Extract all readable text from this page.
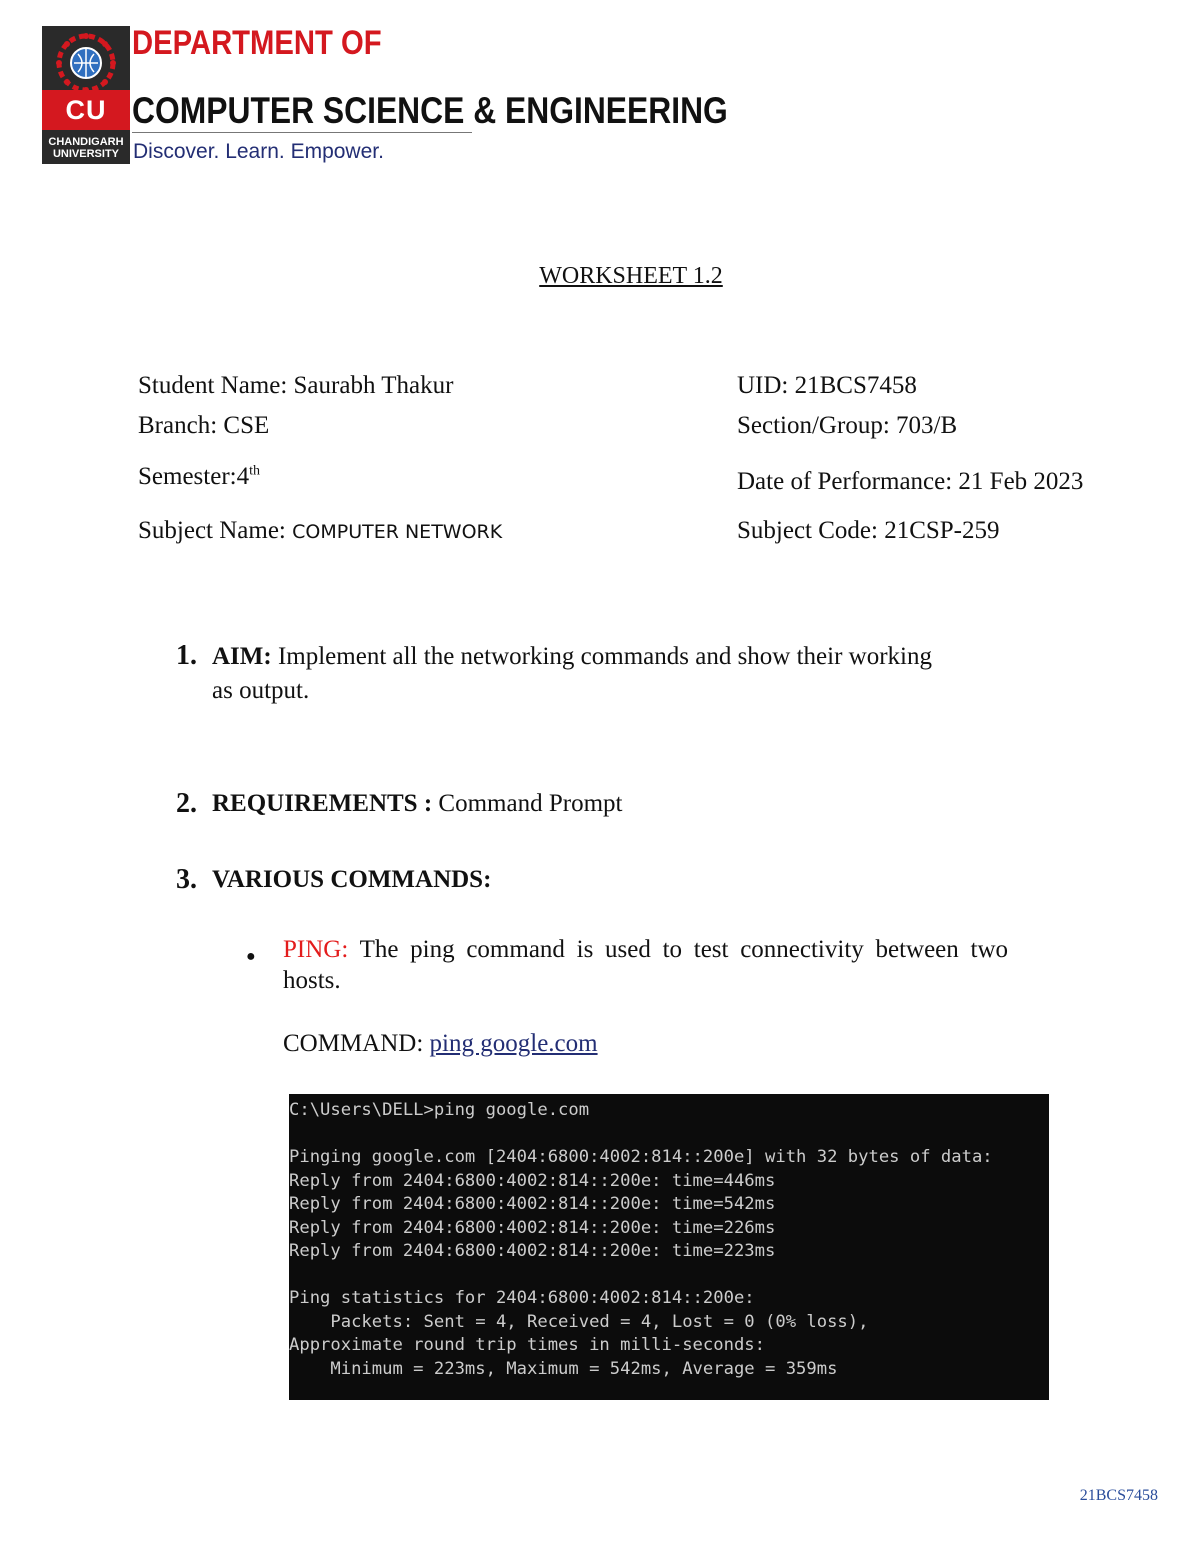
CU
CHANDIGARH UNIVERSITY
DEPARTMENT OF
COMPUTER SCIENCE & ENGINEERING
Discover. Learn. Empower.
WORKSHEET 1.2
Student Name: Saurabh Thakur	UID: 21BCS7458
Branch: CSE	Section/Group: 703/B
Semester:4th	Date of Performance: 21 Feb 2023
Subject Name: COMPUTER NETWORK	Subject Code: 21CSP-259
1. AIM: Implement all the networking commands and show their working
as output.
2. REQUIREMENTS : Command Prompt
3. VARIOUS COMMANDS:
● PING: The ping command is used to test connectivity between two
hosts.
COMMAND: ping google.com
C:\Users\DELL>ping google.com
Pinging google.com [2404:6800:4002:814::200e] with 32 bytes of data:
Reply from 2404:6800:4002:814::200e: time=446ms
Reply from 2404:6800:4002:814::200e: time=542ms
Reply from 2404:6800:4002:814::200e: time=226ms
Reply from 2404:6800:4002:814::200e: time=223ms
Ping statistics for 2404:6800:4002:814::200e:
Packets: Sent = 4, Received = 4, Lost = 0 (0% loss),
Approximate round trip times in milli-seconds:
Minimum = 223ms, Maximum = 542ms, Average = 359ms
21BCS7458
